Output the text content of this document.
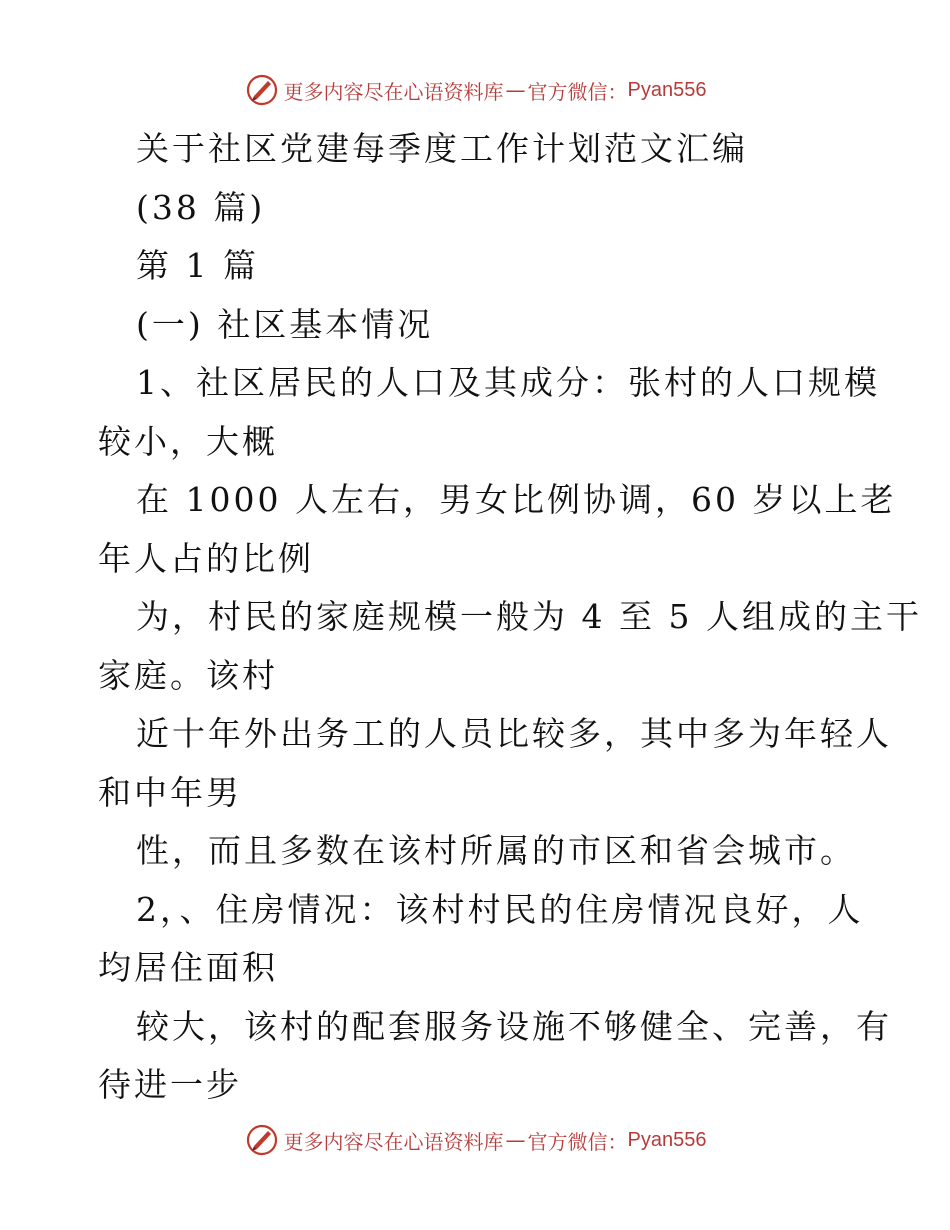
更多内容尽在心语资料库 — 官方微信： Pyan556
关于社区党建每季度工作计划范文汇编
(38 篇)
第 1 篇
(一) 社区基本情况
1、社区居民的人口及其成分：张村的人口规模
较小，大概
在 1000 人左右，男女比例协调，60 岁以上老
年人占的比例
为，村民的家庭规模一般为 4 至 5 人组成的主干
家庭。该村
近十年外出务工的人员比较多，其中多为年轻人
和中年男
性，而且多数在该村所属的市区和省会城市。
2，、住房情况：该村村民的住房情况良好，人
均居住面积
较大，该村的配套服务设施不够健全、完善，有
待进一步
更多内容尽在心语资料库 — 官方微信： Pyan556
